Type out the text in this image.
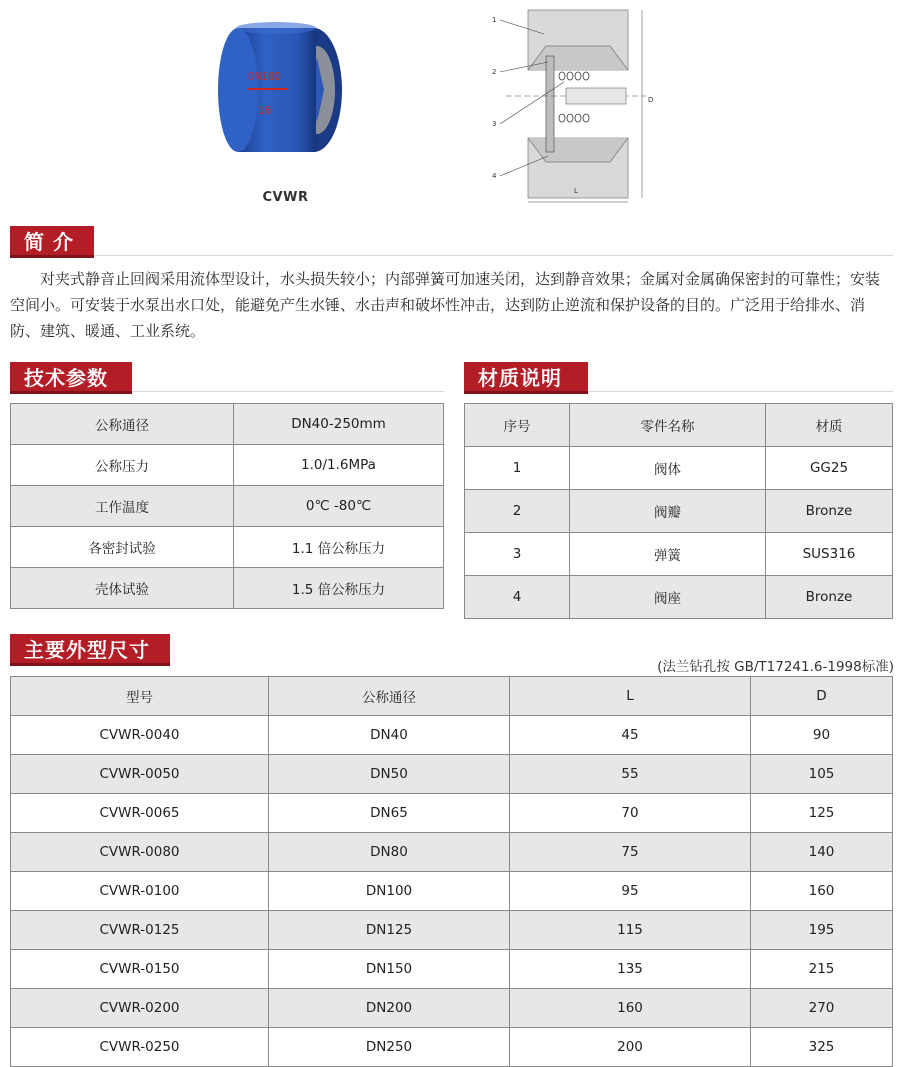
DN100
16
CVWR
1
2
3
4
D
L
简 介

对夹式静音止回阀采用流体型设计，水头损失较小；内部弹簧可加速关闭，达到静音效果；金属对金属确保密封的可靠性；安装空间小。可安装于水泵出水口处，能避免产生水锤、水击声和破坏性冲击，达到防止逆流和保护设备的目的。广泛用于给排水、消防、建筑、暖通、工业系统。

技术参数
公称通径	DN40-250mm
公称压力	1.0/1.6MPa
工作温度	0℃ -80℃
各密封试验	1.1 倍公称压力
壳体试验	1.5 倍公称压力
材质说明
序号	零件名称	材质
1	阀体	GG25
2	阀瓣	Bronze
3	弹簧	SUS316
4	阀座	Bronze
主要外型尺寸
(法兰钻孔按 GB/T17241.6-1998标准)
型号	公称通径	L	D
CVWR-0040	DN40	45	90
CVWR-0050	DN50	55	105
CVWR-0065	DN65	70	125
CVWR-0080	DN80	75	140
CVWR-0100	DN100	95	160
CVWR-0125	DN125	115	195
CVWR-0150	DN150	135	215
CVWR-0200	DN200	160	270
CVWR-0250	DN250	200	325
